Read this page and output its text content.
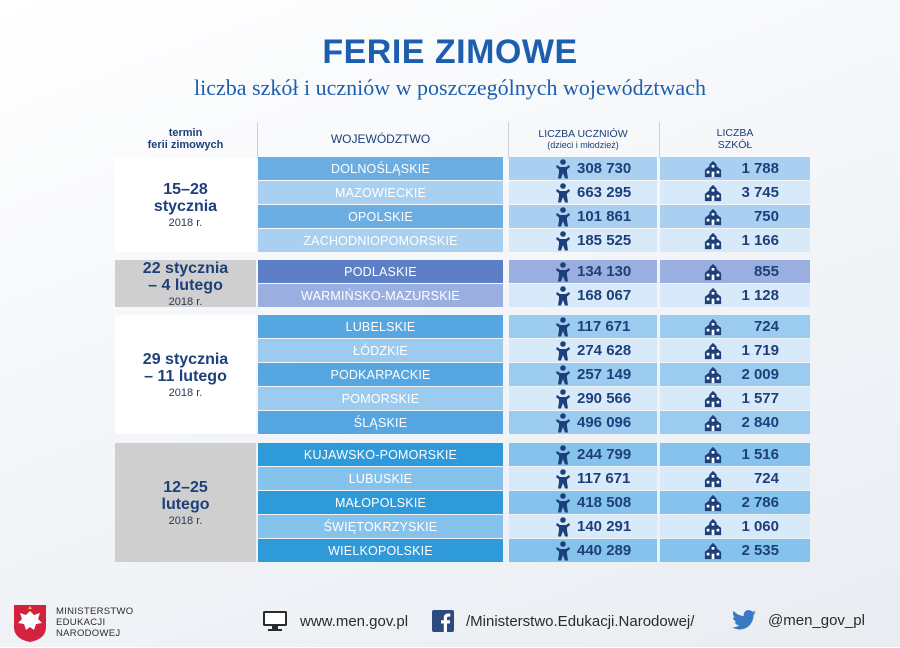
FERIE ZIMOWE
liczba szkół i uczniów w poszczególnych województwach
termin
ferii zimowych	WOJEWÓDZTWO	LICZBA UCZNIÓW
(dzieci i młodzież)
LICZBA
SZKÓŁ
15–28
stycznia
2018 r.
DOLNOŚLĄSKIE	308 730	1 788
MAZOWIECKIE	663 295	3 745
OPOLSKIE	101 861	750
ZACHODNIOPOMORSKIE	185 525	1 166
22 stycznia
– 4 lutego
2018 r.
PODLASKIE	134 130	855
WARMIŃSKO-MAZURSKIE	168 067	1 128
29 stycznia
– 11 lutego
2018 r.
LUBELSKIE	117 671	724
ŁÓDZKIE	274 628	1 719
PODKARPACKIE	257 149	2 009
POMORSKIE	290 566	1 577
ŚLĄSKIE	496 096	2 840
12–25
lutego
2018 r.
KUJAWSKO-POMORSKIE	244 799	1 516
LUBUSKIE	117 671	724
MAŁOPOLSKIE	418 508	2 786
ŚWIĘTOKRZYSKIE	140 291	1 060
WIELKOPOLSKIE	440 289	2 535
MINISTERSTWO
EDUKACJI
NARODOWEJ
www.men.gov.pl	/Ministerstwo.Edukacji.Narodowej/	@men_gov_pl
